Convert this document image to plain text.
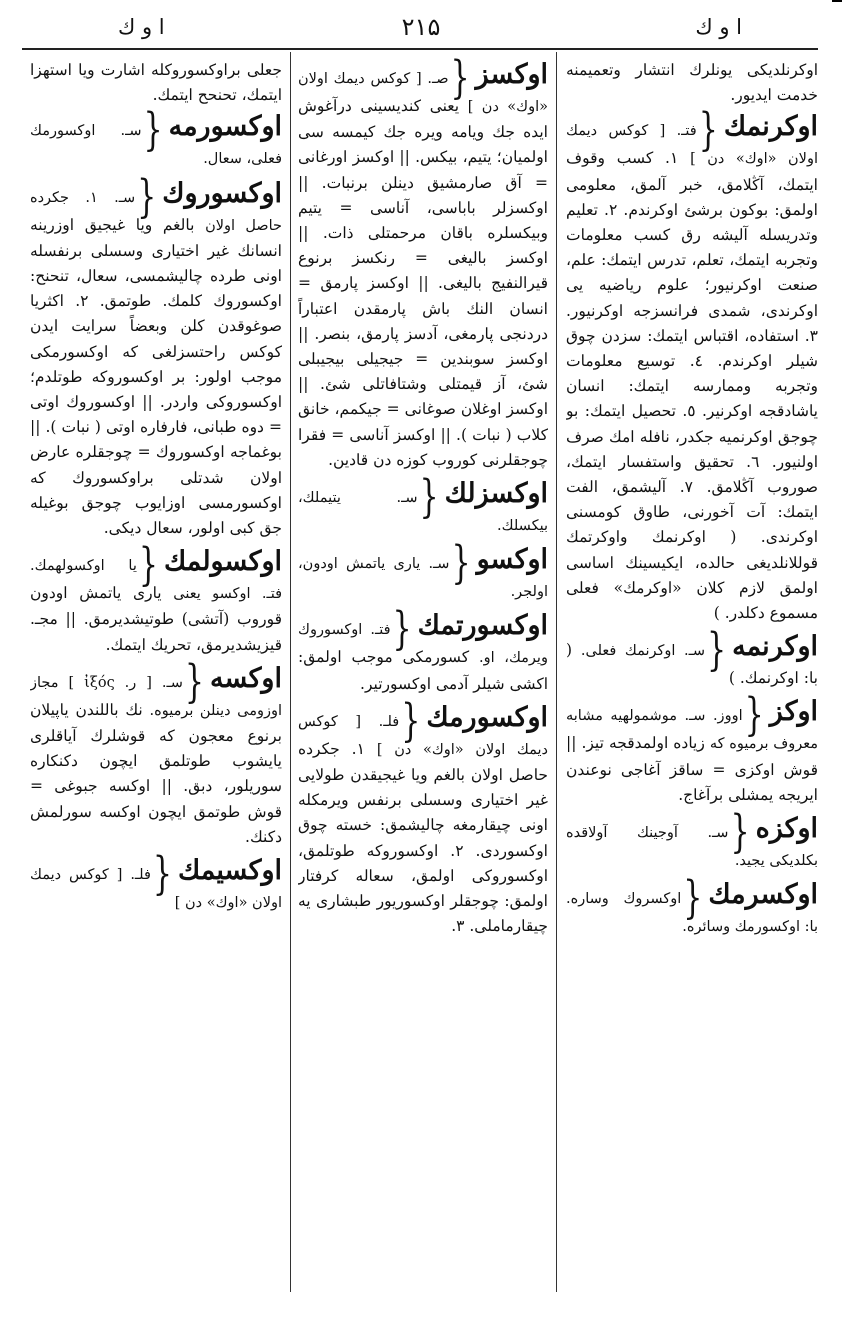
ا و ك	۲۱۵	ا و ك
اوكرنلديكى يونلرك انتشار وتعميمنه خدمت ايديور.
اوكرنمك{فتـ. [ كوكس ديمك اولان «اوك» دن ] ۱. كسب وقوف ايتمك، آڭلامق، خبر آلمق، معلومى اولمق: بوكون برشئ اوكرندم. ۲. تعليم وتدريسله آليشه رق كسب معلومات وتجربه ايتمك، تعلم، تدرس ايتمك: علم، صنعت اوكرنيور؛ علوم رياضيه يى اوكرندى، شمدى فرانسزجه اوكرنيور. ۳. استفاده، اقتباس ايتمك: سزدن چوق شيلر اوكرندم. ٤. توسيع معلومات وتجربه وممارسه ايتمك: انسان ياشادقجه اوكرنير. ٥. تحصيل ايتمك: بو چوجق اوكرنميه جكدر، نافله امك صرف اولنيور. ٦. تحقيق واستفسار ايتمك، صوروب آڭلامق. ۷. آليشمق، الفت ايتمك: آت آخورنى، طاوق كومسنى اوكرندى. ( اوكرنمك واوكرتمك قوللانلديغى حالده، ايكيسينك اساسى اولمق لازم كلان «اوكرمك» فعلى مسموع دكلدر. )
اوكرنمه{سـ. اوكرنمك فعلى. ( با: اوكرنمك. )
اوكز{اووز. سـ. موشمولهيه مشابه معروف برميوه كه زياده اولمدقجه تيز. || قوش اوكزى = ساقز آغاجى نوعندن ايريجه يمشلى برآغاج.
اوكزه{سـ. آوجينك آولاقده بكلديكى يجيد.
اوكسرمك{اوكسروك وساره. با: اوكسورمك وسائره.
اوكسز{صـ. [ كوكس ديمك اولان «اوك» دن ] يعنى كنديسينى درآغوش ايده جك ويامه ويره جك كيمسه سى اولميان؛ يتيم، بيكس. || اوكسز اورغانى = آق صارمشيق دينلن برنبات. || اوكسزلر باباسى، آناسى = يتيم وبيكسلره باقان مرحمتلى ذات. || اوكسز باليغى = رنكسز برنوع قيرالنفيج باليغى. || اوكسز پارمق = انسان النك باش پارمقدن اعتباراً دردنجى پارمغى، آدسز پارمق، بنصر. || اوكسز سوبندين = جيجيلى بيجيبلى شئ، آز قيمتلى وشتافاتلى شئ. || اوكسز اوغلان صوغانى = جيكمم، خانق كلاب ( نبات ). || اوكسز آناسى = فقرا چوجقلرنى كوروب كوزه دن قادين.
اوكسزلك{سـ. يتيملك، بيكسلك.
اوكسو{سـ. يارى ياتمش اودون، اولجر.
اوكسورتمك{فتـ. اوكسوروك ويرمك، او. كسورمكى موجب اولمق: اكشى شيلر آدمى اوكسورتير.
اوكسورمك{فلـ. [ كوكس ديمك اولان «اوك» دن ] ۱. جكرده حاصل اولان بالغم ويا غيجيقدن طولايى غير اختيارى وسسلى برنفس ويرمكله اونى چيقارمغه چاليشمق: خسته چوق اوكسوردى. ۲. اوكسوروكه طوتلمق، اوكسوروكى اولمق، سعاله كرفتار اولمق: چوجقلر اوكسوريور طبشارى يه چيقارماملى. ۳.
جعلى براوكسوروكله اشارت ويا استهزا ايتمك، تحنحح ايتمك.
اوكسورمه{سـ. اوكسورمك فعلى، سعال.
اوكسوروك{سـ. ۱. جكرده حاصل اولان بالغم ويا غيجيق اوزرينه انسانك غير اختيارى وسسلى برنفسله اونى طرده چاليشمسى، سعال، تنحنح: اوكسوروك كلمك. طوتمق. ۲. اكثريا صوغوقدن كلن وبعضاً سرايت ايدن كوكس راحتسزلغى كه اوكسورمكى موجب اولور: بر اوكسوروكه طوتلدم؛ اوكسوروكى واردر. || اوكسوروك اوتى = دوه طبانى، فارفاره اوتى ( نبات ). || بوغماجه اوكسوروك = چوجقلره عارض اولان شدتلى براوكسوروك كه اوكسورمسى اوزايوب چوجق بوغيله جق كبى اولور، سعال ديكى.
اوكسولمك{يا اوكسولهمك. فتـ. اوكسو يعنى يارى ياتمش اودون قوروب (آتشى) طوتيشديرمق. || مجـ. قيزيشديرمق، تحريك ايتمك.
اوكسه{سـ. [ ر. ἰξός ] مجاز اوزومى دينلن برميوه. نك باللندن ياپيلان برنوع معجون كه قوشلرك آياقلرى يايشوب طوتلمق ايچون دكنكاره سوريلور، دبق. || اوكسه جبوغى = قوش طوتمق ايچون اوكسه سورلمش دكنك.
اوكسيمك{فلـ. [ كوكس ديمك اولان «اوك» دن ]
